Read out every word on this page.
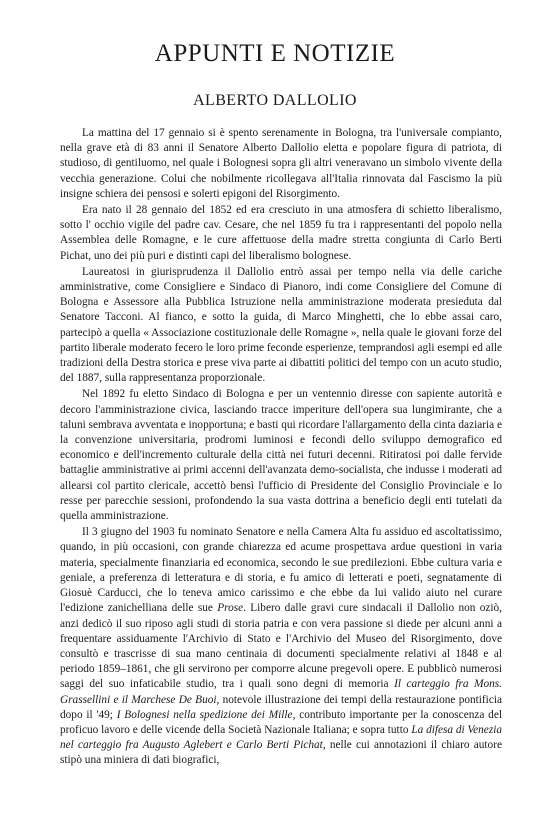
APPUNTI E NOTIZIE
ALBERTO DALLOLIO

La mattina del 17 gennaio si è spento serenamente in Bologna, tra l'universale compianto, nella grave età di 83 anni il Senatore Alberto Dallolio eletta e popolare figura di patriota, di studioso, di gentiluomo, nel quale i Bolognesi sopra gli altri veneravano un simbolo vivente della vecchia generazione. Colui che nobilmente ricollegava all'Italia rinnovata dal Fascismo la più insigne schiera dei pensosi e solerti epigoni del Risorgimento.

Era nato il 28 gennaio del 1852 ed era cresciuto in una atmosfera di schietto liberalismo, sotto l' occhio vigile del padre cav. Cesare, che nel 1859 fu tra i rappresentanti del popolo nella Assemblea delle Romagne, e le cure affettuose della madre stretta congiunta di Carlo Berti Pichat, uno dei più puri e distinti capi del liberalismo bolognese.

Laureatosi in giurisprudenza il Dallolio entrò assai per tempo nella via delle cariche amministrative, come Consigliere e Sindaco di Pianoro, indi come Consigliere del Comune di Bologna e Assessore alla Pubblica Istruzione nella amministrazione moderata presieduta dal Senatore Tacconi. Al fianco, e sotto la guida, di Marco Minghetti, che lo ebbe assai caro, partecipò a quella « Associazione costituzionale delle Romagne », nella quale le giovani forze del partito liberale moderato fecero le loro prime feconde esperienze, temprandosi agli esempi ed alle tradizioni della Destra storica e prese viva parte ai dibattiti politici del tempo con un acuto studio, del 1887, sulla rappresentanza proporzionale.

Nel 1892 fu eletto Sindaco di Bologna e per un ventennio diresse con sapiente autorità e decoro l'amministrazione civica, lasciando tracce imperiture dell'opera sua lungimirante, che a taluni sembrava avventata e inopportuna; e basti qui ricordare l'allargamento della cinta daziaria e la convenzione universitaria, prodromi luminosi e fecondi dello sviluppo demografico ed economico e dell'incremento culturale della città nei futuri decenni. Ritiratosi poi dalle fervide battaglie amministrative ai primi accenni dell'avanzata demo-socialista, che indusse i moderati ad allearsi col partito clericale, accettò bensì l'ufficio di Presidente del Consiglio Provinciale e lo resse per parecchie sessioni, profondendo la sua vasta dottrina a beneficio degli enti tutelati da quella amministrazione.

Il 3 giugno del 1903 fu nominato Senatore e nella Camera Alta fu assiduo ed ascoltatissimo, quando, in più occasioni, con grande chiarezza ed acume prospettava ardue questioni in varia materia, specialmente finanziaria ed economica, secondo le sue predilezioni. Ebbe cultura varia e geniale, a preferenza di letteratura e di storia, e fu amico di letterati e poeti, segnatamente di Giosuè Carducci, che lo teneva amico carissimo e che ebbe da lui valido aiuto nel curare l'edizione zanichelliana delle sue Prose. Libero dalle gravi cure sindacali il Dallolio non oziò, anzi dedicò il suo riposo agli studi di storia patria e con vera passione si diede per alcuni anni a frequentare assiduamente l'Archivio di Stato e l'Archivio del Museo del Risorgimento, dove consultò e trascrisse di sua mano centinaia di documenti specialmente relativi al 1848 e al periodo 1859–1861, che gli servirono per comporre alcune pregevoli opere. E pubblicò numerosi saggi del suo infaticabile studio, tra i quali sono degni di memoria Il carteggio fra Mons. Grassellini e il Marchese De Buoi, notevole illustrazione dei tempi della restaurazione pontificia dopo il '49; I Bolognesi nella spedizione dei Mille, contributo importante per la conoscenza del proficuo lavoro e delle vicende della Società Nazionale Italiana; e sopra tutto La difesa di Venezia nel carteggio fra Augusto Aglebert e Carlo Berti Pichat, nelle cui annotazioni il chiaro autore stipò una miniera di dati biografici,
